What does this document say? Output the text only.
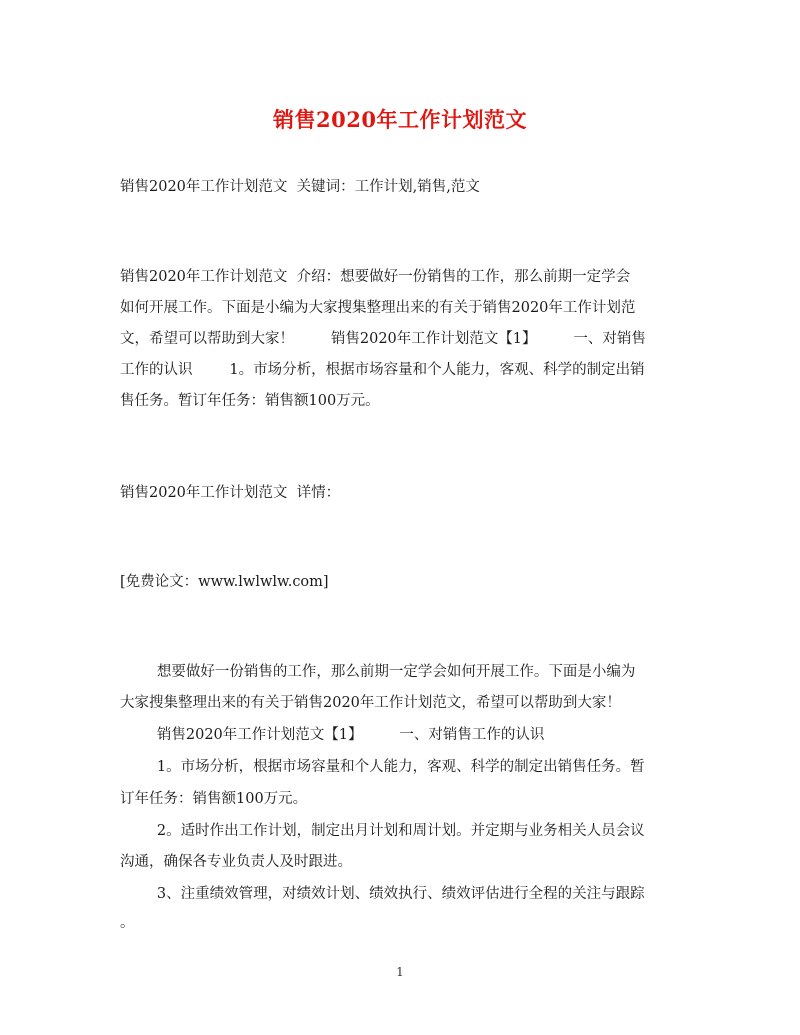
销售2020年工作计划范文

销售2020年工作计划范文  关键词：工作计划,销售,范文

销售2020年工作计划范文  介绍：想要做好一份销售的工作，那么前期一定学会

如何开展工作。下面是小编为大家搜集整理出来的有关于销售2020年工作计划范

文，希望可以帮助到大家！        销售2020年工作计划范文【1】        一、对销售

工作的认识        1。市场分析，根据市场容量和个人能力，客观、科学的制定出销

售任务。暂订年任务：销售额100万元。

销售2020年工作计划范文  详情：

[免费论文：www.lwlwlw.com]

想要做好一份销售的工作，那么前期一定学会如何开展工作。下面是小编为

大家搜集整理出来的有关于销售2020年工作计划范文，希望可以帮助到大家！

销售2020年工作计划范文【1】        一、对销售工作的认识

1。市场分析，根据市场容量和个人能力，客观、科学的制定出销售任务。暂

订年任务：销售额100万元。

2。适时作出工作计划，制定出月计划和周计划。并定期与业务相关人员会议

沟通，确保各专业负责人及时跟进。

3、注重绩效管理，对绩效计划、绩效执行、绩效评估进行全程的关注与跟踪

。

1
